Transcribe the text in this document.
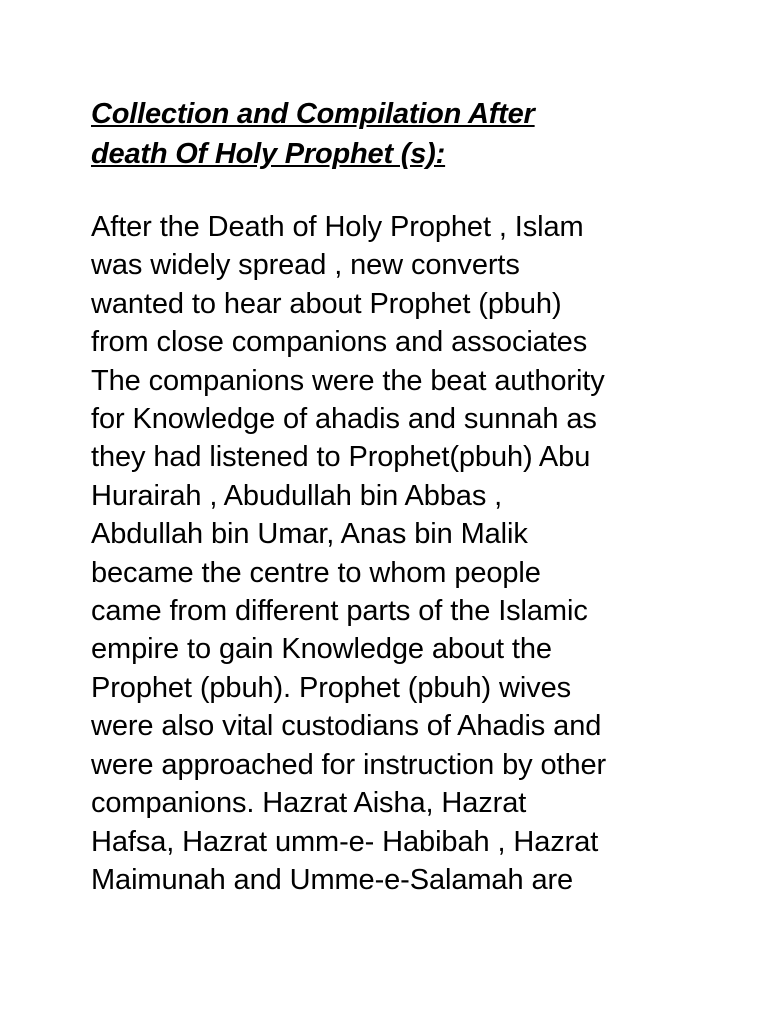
Collection and Compilation After
death Of Holy Prophet (s):

After the Death of Holy Prophet , Islam
was widely spread , new converts
wanted to hear about Prophet (pbuh)
from close companions and associates
The companions were the beat authority
for Knowledge of ahadis and sunnah as
they had listened to Prophet(pbuh) Abu
Hurairah , Abudullah bin Abbas ,
Abdullah bin Umar, Anas bin Malik
became the centre to whom people
came from different parts of the Islamic
empire to gain Knowledge about the
Prophet (pbuh). Prophet (pbuh) wives
were also vital custodians of Ahadis and
were approached for instruction by other
companions. Hazrat Aisha, Hazrat
Hafsa, Hazrat umm-e- Habibah , Hazrat
Maimunah and Umme-e-Salamah are
